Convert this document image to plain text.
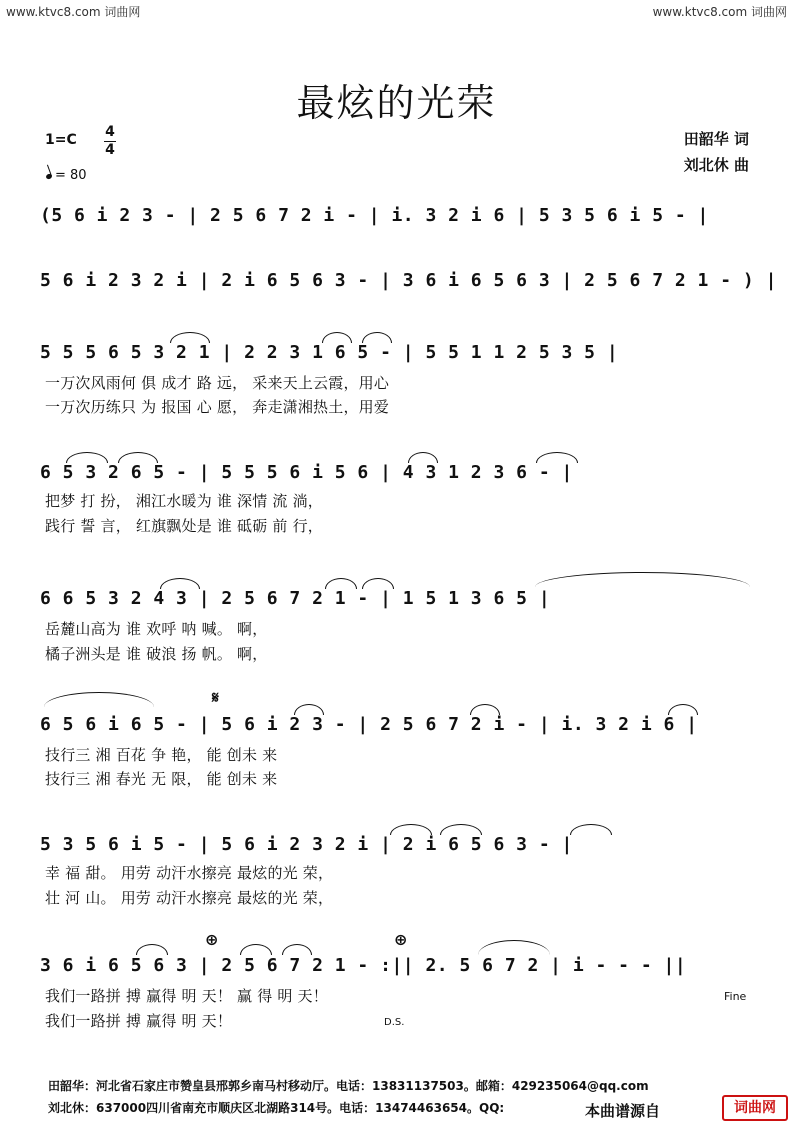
www.ktvc8.com 词曲网	www.ktvc8.com 词曲网
最炫的光荣
1=C 4
4
= 80
田韶华 词
刘北休 曲
(5 6 i 2 3 - | 2 5 6 7 2 i - | i. 3 2 i 6 | 5 3 5 6 i 5 - |
5 6 i 2 3 2 i | 2 i 6 5 6 3 - | 3 6 i 6 5 6 3 | 2 5 6 7 2 1 - ) |
5 5 5 6 5 3 2 1 | 2 2 3 1 6 5 - | 5 5 1 1 2 5 3 5 |
一万次风雨何 俱 成才 路 远， 采来天上云霞，用心
一万次历练只 为 报国 心 愿， 奔走潇湘热土，用爱
6 5 3 2 6 5 - | 5 5 5 6 i 5 6 | 4 3 1 2 3 6 - |
把梦 打 扮， 湘江水暖为 谁 深情 流 淌，
践行 誓 言， 红旗飘处是 谁 砥砺 前 行，
6 6 5 3 2 4 3 | 2 5 6 7 2 1 - | 1 5 1 3 6 5 |
岳麓山高为 谁 欢呼 呐 喊。 啊，
橘子洲头是 谁 破浪 扬 帆。 啊，
𝄋
6 5 6 i 6 5 - | 5 6 i 2 3 - | 2 5 6 7 2 i - | i. 3 2 i 6 |
技行三 湘 百花 争 艳， 能 创未 来
技行三 湘 春光 无 限， 能 创未 来
5 3 5 6 i 5 - | 5 6 i 2 3 2 i | 2 i 6 5 6 3 - |
幸 福 甜。 用劳 动汗水擦亮 最炫的光 荣，
壮 河 山。 用劳 动汗水擦亮 最炫的光 荣，
⊕	⊕
3 6 i 6 5 6 3 | 2 5 6 7 2 1 - :|| 2. 5 6 7 2 | i - - - ||
我们一路拼 搏 赢得 明 天！ 赢 得 明 天！
我们一路拼 搏 赢得 明 天！	D.S.
Fine
田韶华：河北省石家庄市赞皇县邢郭乡南马村移动厅。电话：13831137503。邮箱：429235064@qq.com
刘北休：637000四川省南充市顺庆区北湖路314号。电话：13474463654。QQ:	本曲谱源自	词曲网
